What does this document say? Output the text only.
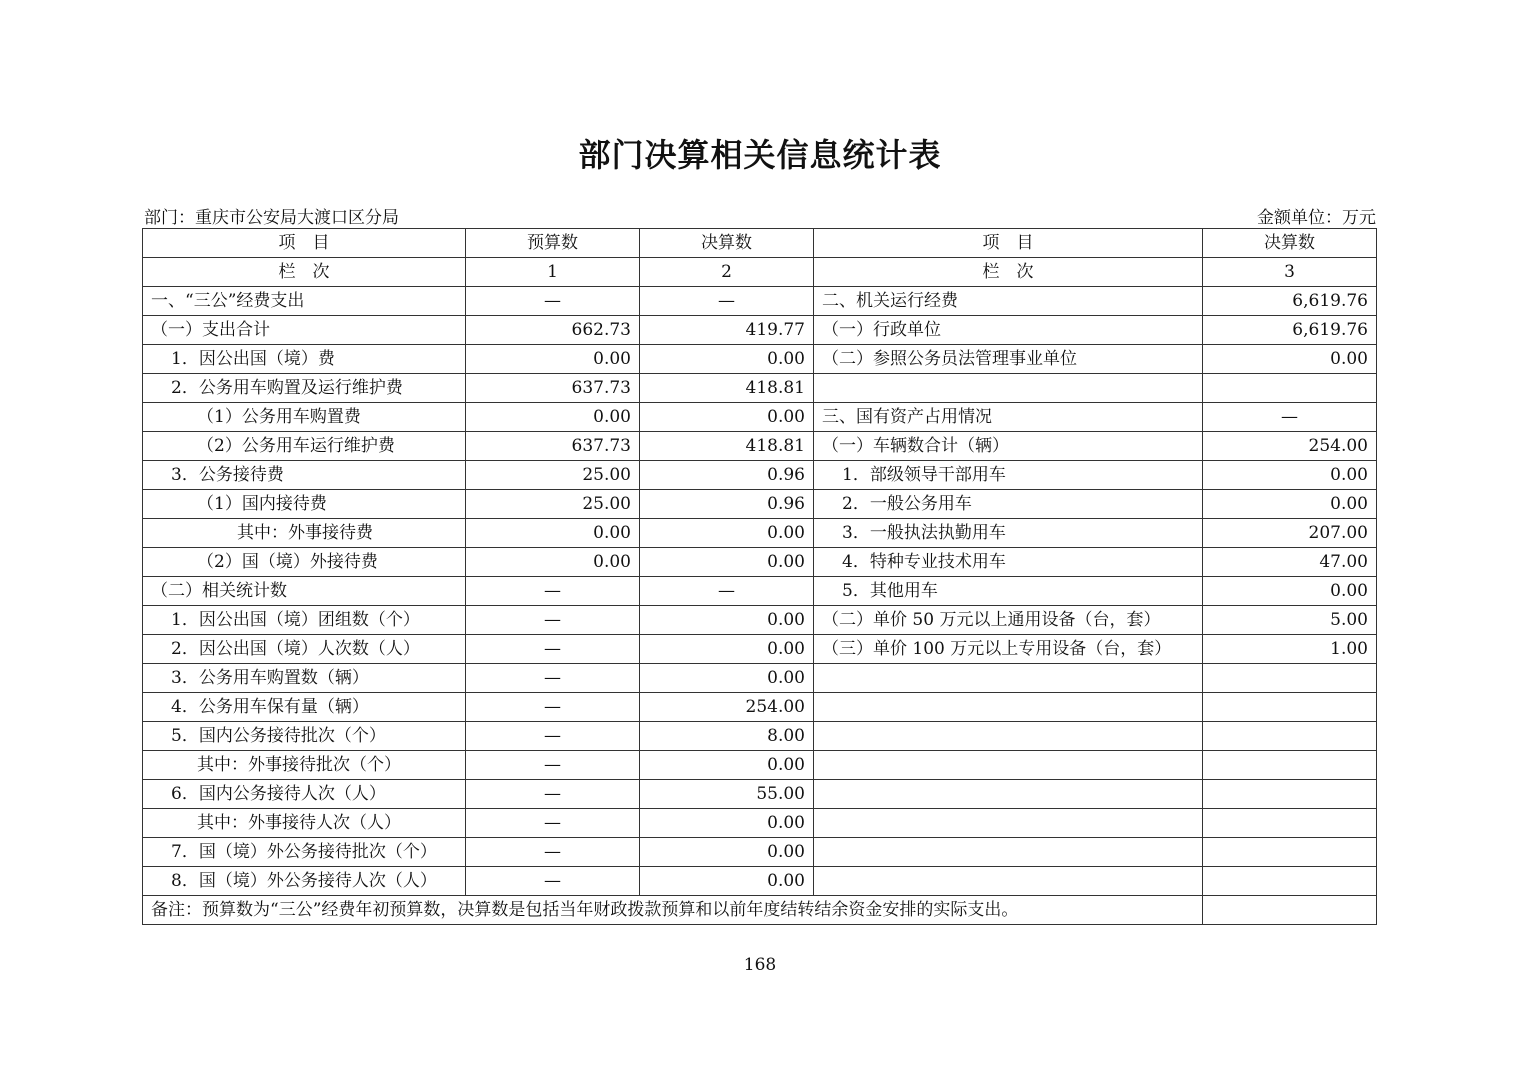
部门决算相关信息统计表
部门：重庆市公安局大渡口区分局	金额单位：万元
项　目	预算数	决算数	项　目	决算数
栏　次	1	2	栏　次	3
一、“三公”经费支出	—	—	二、机关运行经费	6,619.76
（一）支出合计	662.73	419.77	（一）行政单位	6,619.76
1．因公出国（境）费	0.00	0.00	（二）参照公务员法管理事业单位	0.00
2．公务用车购置及运行维护费	637.73	418.81		
（1）公务用车购置费	0.00	0.00	三、国有资产占用情况	—
（2）公务用车运行维护费	637.73	418.81	（一）车辆数合计（辆）	254.00
3．公务接待费	25.00	0.96	1．部级领导干部用车	0.00
（1）国内接待费	25.00	0.96	2．一般公务用车	0.00
其中：外事接待费	0.00	0.00	3．一般执法执勤用车	207.00
（2）国（境）外接待费	0.00	0.00	4．特种专业技术用车	47.00
（二）相关统计数	—	—	5．其他用车	0.00
1．因公出国（境）团组数（个）	—	0.00	（二）单价 50 万元以上通用设备（台，套）	5.00
2．因公出国（境）人次数（人）	—	0.00	（三）单价 100 万元以上专用设备（台，套）	1.00
3．公务用车购置数（辆）	—	0.00		
4．公务用车保有量（辆）	—	254.00		
5．国内公务接待批次（个）	—	8.00		
其中：外事接待批次（个）	—	0.00		
6．国内公务接待人次（人）	—	55.00		
其中：外事接待人次（人）	—	0.00		
7．国（境）外公务接待批次（个）	—	0.00		
8．国（境）外公务接待人次（人）	—	0.00		
备注：预算数为“三公”经费年初预算数，决算数是包括当年财政拨款预算和以前年度结转结余资金安排的实际支出。				
168
